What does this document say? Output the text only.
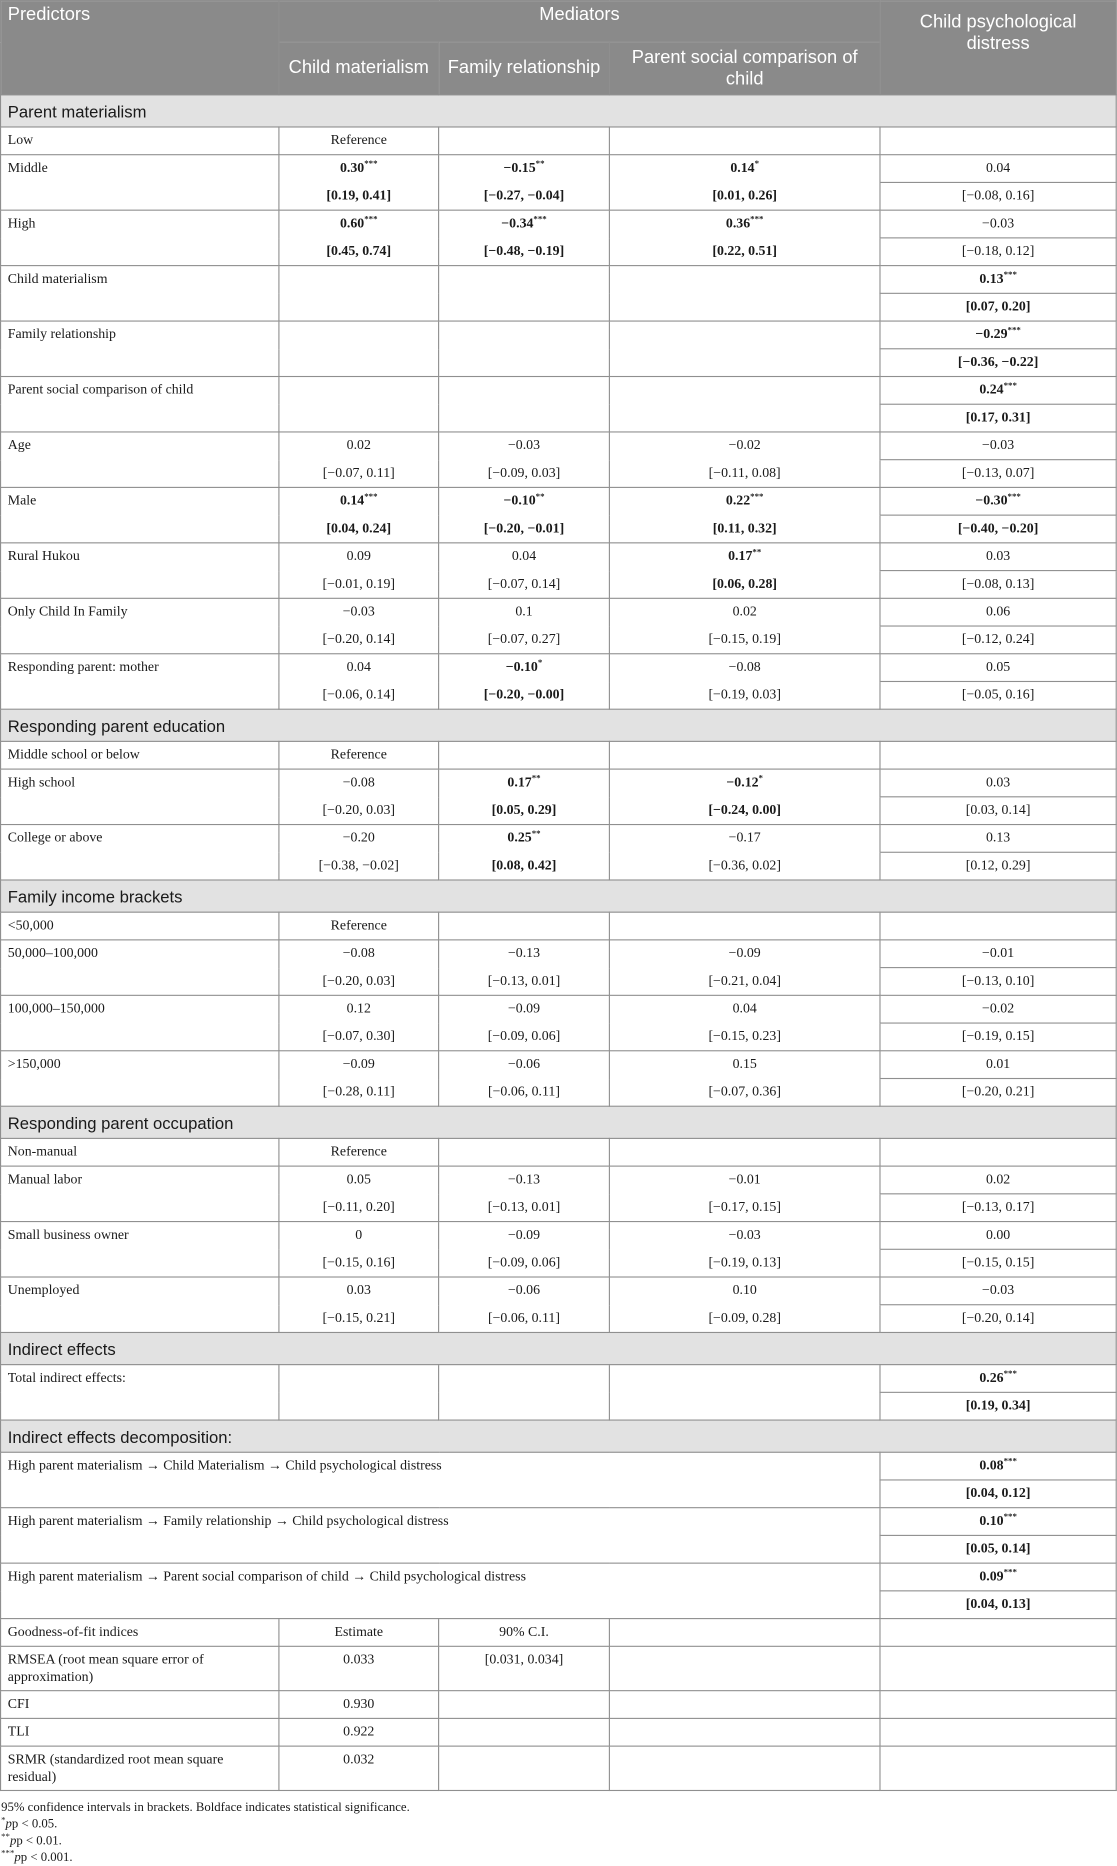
Predictors	Mediators			Child psychological distress
	Child materialism	Family relationship	Parent social comparison of child	
Parent materialism				
Low	Reference			
Middle	0.30***	−0.15**	0.14*	0.04
	[0.19, 0.41]	[−0.27, −0.04]	[0.01, 0.26]	[−0.08, 0.16]
High	0.60***	−0.34***	0.36***	−0.03
	[0.45, 0.74]	[−0.48, −0.19]	[0.22, 0.51]	[−0.18, 0.12]
Child materialism				0.13***
				[0.07, 0.20]
Family relationship				−0.29***
				[−0.36, −0.22]
Parent social comparison of child				0.24***
				[0.17, 0.31]
Age	0.02	−0.03	−0.02	−0.03
	[−0.07, 0.11]	[−0.09, 0.03]	[−0.11, 0.08]	[−0.13, 0.07]
Male	0.14***	−0.10**	0.22***	−0.30***
	[0.04, 0.24]	[−0.20, −0.01]	[0.11, 0.32]	[−0.40, −0.20]
Rural Hukou	0.09	0.04	0.17**	0.03
	[−0.01, 0.19]	[−0.07, 0.14]	[0.06, 0.28]	[−0.08, 0.13]
Only Child In Family	−0.03	0.1	0.02	0.06
	[−0.20, 0.14]	[−0.07, 0.27]	[−0.15, 0.19]	[−0.12, 0.24]
Responding parent: mother	0.04	−0.10*	−0.08	0.05
	[−0.06, 0.14]	[−0.20, −0.00]	[−0.19, 0.03]	[−0.05, 0.16]
Responding parent education				
Middle school or below	Reference			
High school	−0.08	0.17**	−0.12*	0.03
	[−0.20, 0.03]	[0.05, 0.29]	[−0.24, 0.00]	[0.03, 0.14]
College or above	−0.20	0.25**	−0.17	0.13
	[−0.38, −0.02]	[0.08, 0.42]	[−0.36, 0.02]	[0.12, 0.29]
Family income brackets				
<50,000	Reference			
50,000–100,000	−0.08	−0.13	−0.09	−0.01
	[−0.20, 0.03]	[−0.13, 0.01]	[−0.21, 0.04]	[−0.13, 0.10]
100,000–150,000	0.12	−0.09	0.04	−0.02
	[−0.07, 0.30]	[−0.09, 0.06]	[−0.15, 0.23]	[−0.19, 0.15]
>150,000	−0.09	−0.06	0.15	0.01
	[−0.28, 0.11]	[−0.06, 0.11]	[−0.07, 0.36]	[−0.20, 0.21]
Responding parent occupation				
Non-manual	Reference			
Manual labor	0.05	−0.13	−0.01	0.02
	[−0.11, 0.20]	[−0.13, 0.01]	[−0.17, 0.15]	[−0.13, 0.17]
Small business owner	0	−0.09	−0.03	0.00
	[−0.15, 0.16]	[−0.09, 0.06]	[−0.19, 0.13]	[−0.15, 0.15]
Unemployed	0.03	−0.06	0.10	−0.03
	[−0.15, 0.21]	[−0.06, 0.11]	[−0.09, 0.28]	[−0.20, 0.14]
Indirect effects				
Total indirect effects:				0.26***
				[0.19, 0.34]
Indirect effects decomposition:				
High parent materialism → Child Materialism → Child psychological distress				0.08***
				[0.04, 0.12]
High parent materialism → Family relationship → Child psychological distress				0.10***
				[0.05, 0.14]
High parent materialism → Parent social comparison of child → Child psychological distress				0.09***
				[0.04, 0.13]
Goodness-of-fit indices	Estimate	90% C.I.		
RMSEA (root mean square error of approximation)	0.033	[0.031, 0.034]		
CFI	0.930			
TLI	0.922			
SRMR (standardized root mean square residual)	0.032			
95% confidence intervals in brackets. Boldface indicates statistical significance.
*pp < 0.05.
**pp < 0.01.
***pp < 0.001.
